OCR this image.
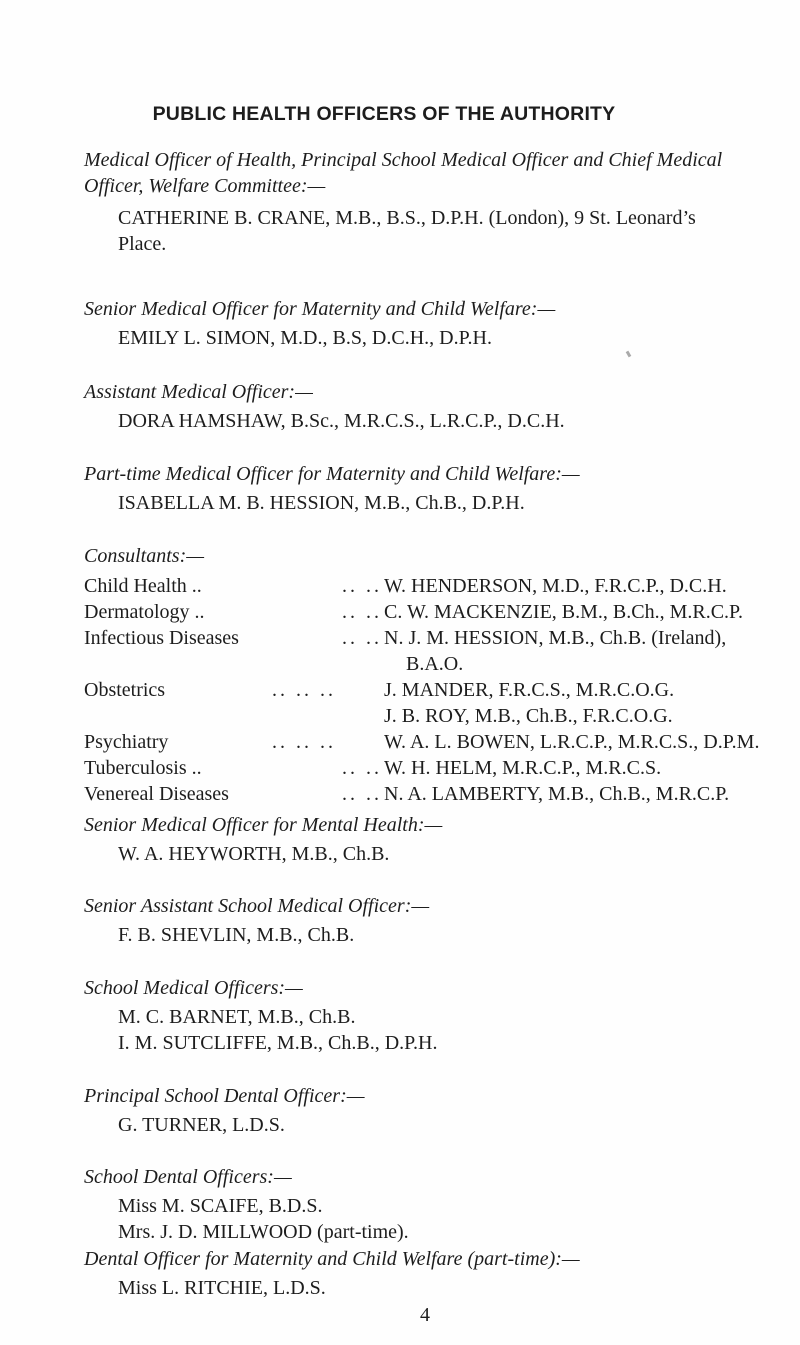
PUBLIC HEALTH OFFICERS OF THE AUTHORITY

Medical Officer of Health, Principal School Medical Officer and Chief Medical

Officer, Welfare Committee:—

CATHERINE B. CRANE, M.B., B.S., D.P.H. (London), 9 St. Leonard’s

Place.

Senior Medical Officer for Maternity and Child Welfare:—

EMILY L. SIMON, M.D., B.S, D.C.H., D.P.H.

Assistant Medical Officer:—

DORA HAMSHAW, B.Sc., M.R.C.S., L.R.C.P., D.C.H.

Part-time Medical Officer for Maternity and Child Welfare:—

ISABELLA M. B. HESSION, M.B., Ch.B., D.P.H.

Consultants:—

Child Health ..	.. .. W. HENDERSON, M.D., F.R.C.P., D.C.H.
Dermatology ..	.. .. C. W. MACKENZIE, B.M., B.Ch., M.R.C.P.
Infectious Diseases	.. .. N. J. M. HESSION, M.B., Ch.B. (Ireland),
B.A.O.
Obstetrics	.. .. .. J. MANDER, F.R.C.S., M.R.C.O.G.
J. B. ROY, M.B., Ch.B., F.R.C.O.G.
Psychiatry	.. .. .. W. A. L. BOWEN, L.R.C.P., M.R.C.S., D.P.M.
Tuberculosis ..	.. .. W. H. HELM, M.R.C.P., M.R.C.S.
Venereal Diseases	.. .. N. A. LAMBERTY, M.B., Ch.B., M.R.C.P.

Senior Medical Officer for Mental Health:—

W. A. HEYWORTH, M.B., Ch.B.

Senior Assistant School Medical Officer:—

F. B. SHEVLIN, M.B., Ch.B.

School Medical Officers:—

M. C. BARNET, M.B., Ch.B.

I. M. SUTCLIFFE, M.B., Ch.B., D.P.H.

Principal School Dental Officer:—

G. TURNER, L.D.S.

School Dental Officers:—

Miss M. SCAIFE, B.D.S.

Mrs. J. D. MILLWOOD (part-time).

Dental Officer for Maternity and Child Welfare (part-time):—

Miss L. RITCHIE, L.D.S.

4
